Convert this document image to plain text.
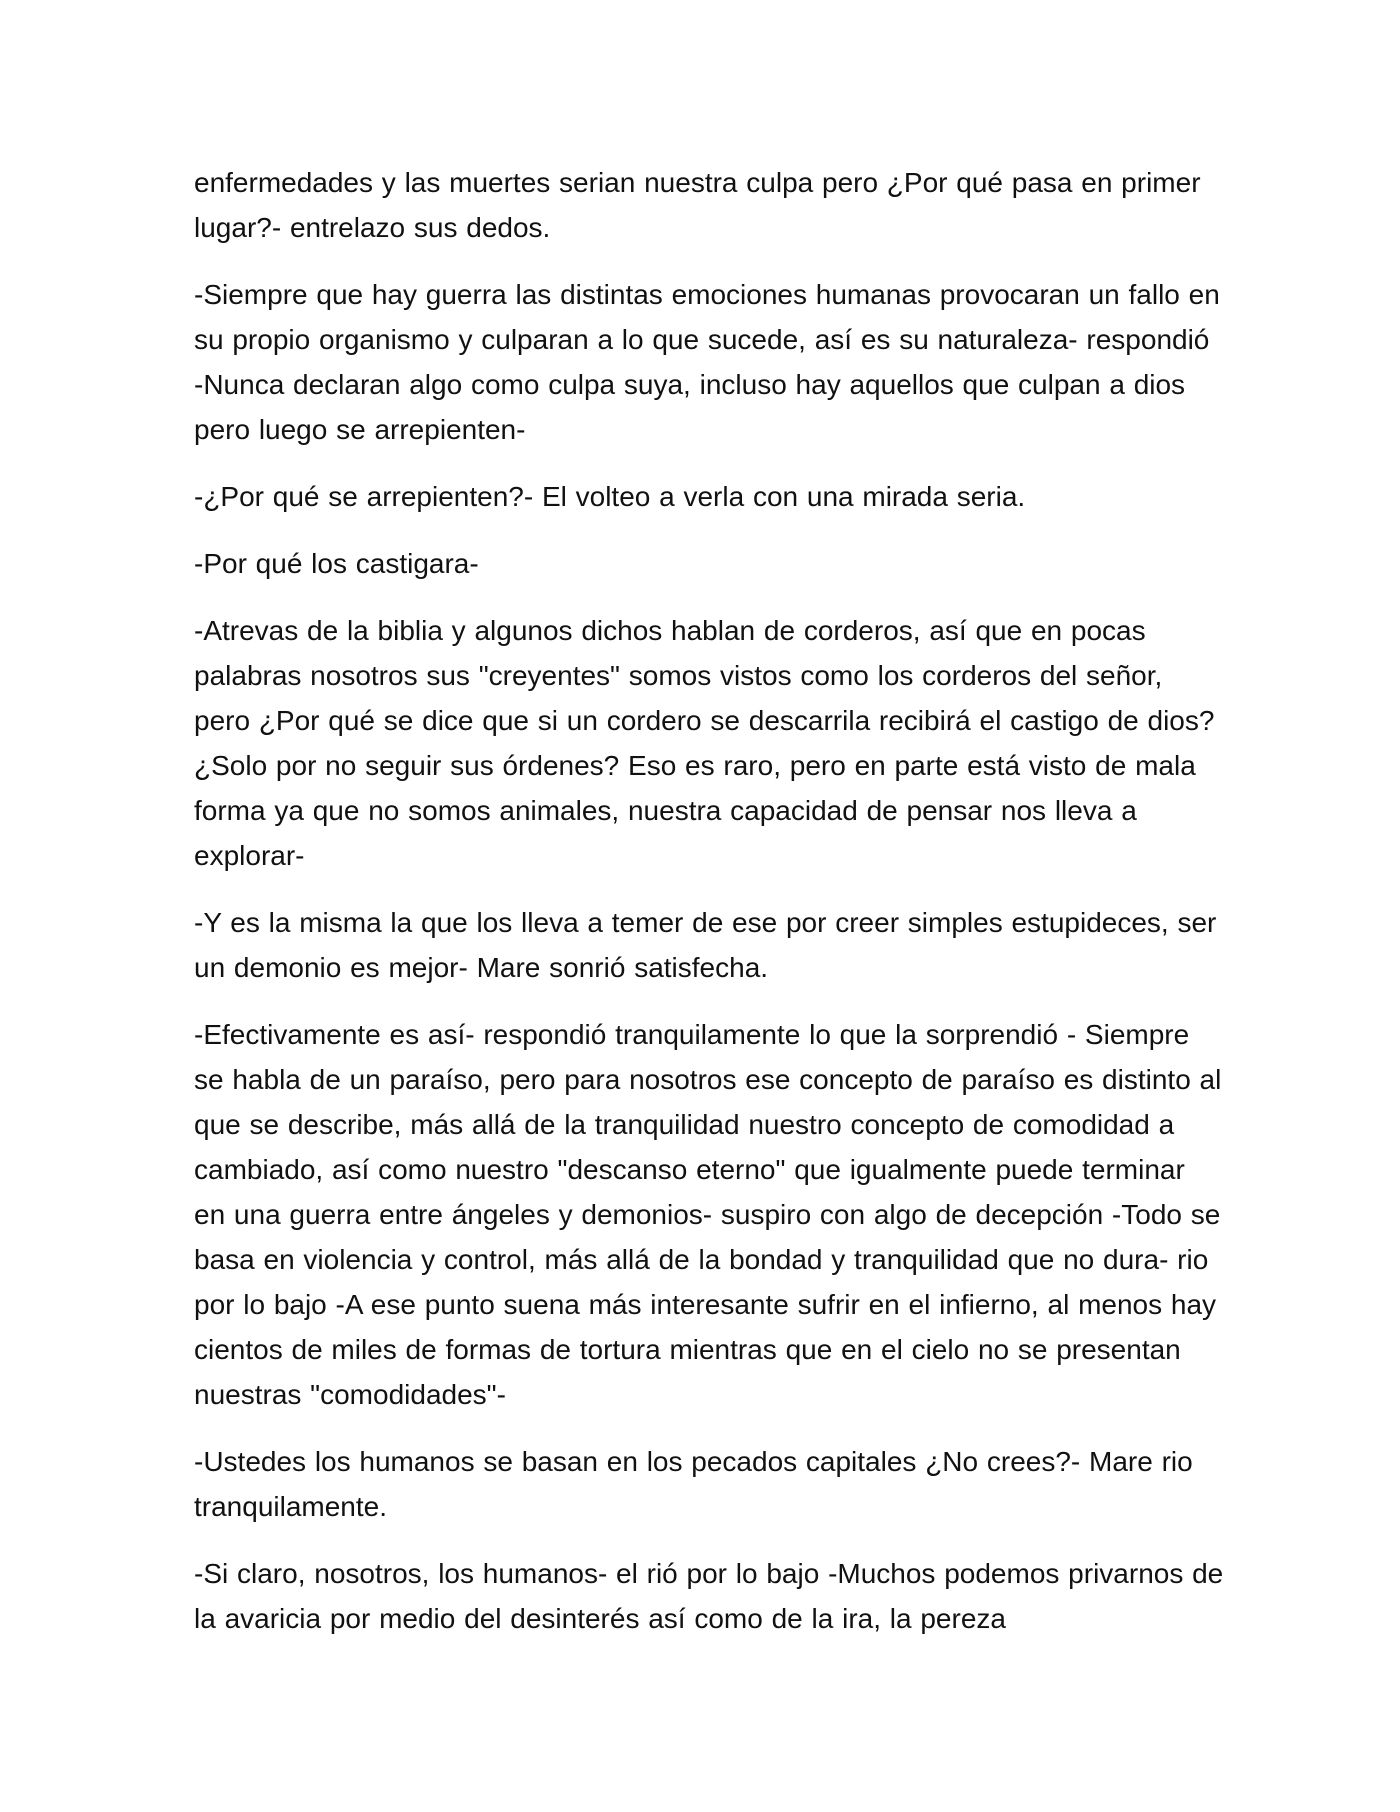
enfermedades y las muertes serian nuestra culpa pero ¿Por qué pasa en primer lugar?- entrelazo sus dedos.

-Siempre que hay guerra las distintas emociones humanas provocaran un fallo en su propio organismo y culparan a lo que sucede, así es su naturaleza- respondió -Nunca declaran algo como culpa suya, incluso hay aquellos que culpan a dios pero luego se arrepienten-

-¿Por qué se arrepienten?- El volteo a verla con una mirada seria.

-Por qué los castigara-

-Atrevas de la biblia y algunos dichos hablan de corderos, así que en pocas palabras nosotros sus "creyentes" somos vistos como los corderos del señor, pero ¿Por qué se dice que si un cordero se descarrila recibirá el castigo de dios? ¿Solo por no seguir sus órdenes? Eso es raro, pero en parte está visto de mala forma ya que no somos animales, nuestra capacidad de pensar nos lleva a explorar-

-Y es la misma la que los lleva a temer de ese por creer simples estupideces, ser un demonio es mejor- Mare sonrió satisfecha.

-Efectivamente es así- respondió tranquilamente lo que la sorprendió - Siempre se habla de un paraíso, pero para nosotros ese concepto de paraíso es distinto al que se describe, más allá de la tranquilidad nuestro concepto de comodidad a cambiado, así como nuestro "descanso eterno" que igualmente puede terminar en una guerra entre ángeles y demonios- suspiro con algo de decepción -Todo se basa en violencia y control, más allá de la bondad y tranquilidad que no dura- rio por lo bajo -A ese punto suena más interesante sufrir en el infierno, al menos hay cientos de miles de formas de tortura mientras que en el cielo no se presentan nuestras "comodidades"-

-Ustedes los humanos se basan en los pecados capitales ¿No crees?- Mare rio tranquilamente.

-Si claro, nosotros, los humanos- el rió por lo bajo -Muchos podemos privarnos de la avaricia por medio del desinterés así como de la ira, la pereza
